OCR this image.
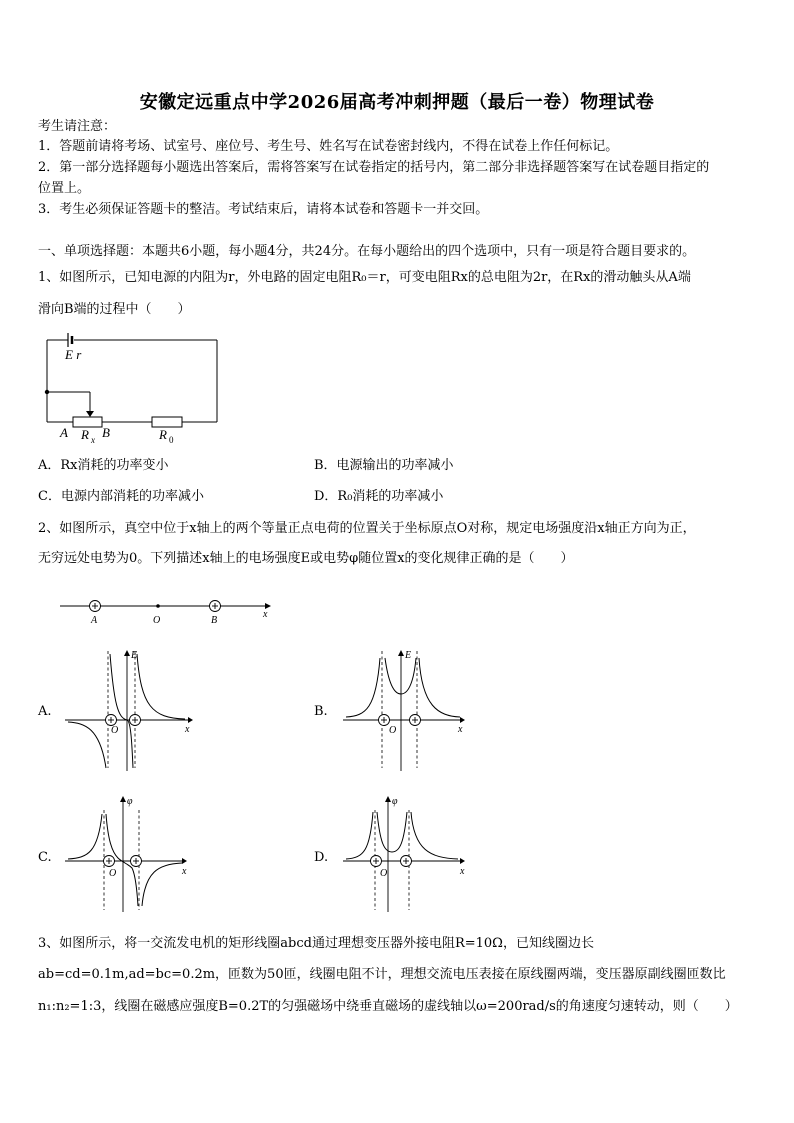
安徽定远重点中学2026届高考冲刺押题（最后一卷）物理试卷
考生请注意：
1．答题前请将考场、试室号、座位号、考生号、姓名写在试卷密封线内，不得在试卷上作任何标记。
2．第一部分选择题每小题选出答案后，需将答案写在试卷指定的括号内，第二部分非选择题答案写在试卷题目指定的
位置上。
3．考生必须保证答题卡的整洁。考试结束后，请将本试卷和答题卡一并交回。
一、单项选择题：本题共6小题，每小题4分，共24分。在每小题给出的四个选项中，只有一项是符合题目要求的。
1、如图所示，已知电源的内阻为r，外电路的固定电阻R₀＝r，可变电阻Rx的总电阻为2r，在Rx的滑动触头从A端
滑向B端的过程中（　　）
E r
A R x B	R 0
A．Rx消耗的功率变小	B．电源输出的功率减小
C．电源内部消耗的功率减小	D．R₀消耗的功率减小
2、如图所示，真空中位于x轴上的两个等量正点电荷的位置关于坐标原点O对称，规定电场强度沿x轴正方向为正，
无穷远处电势为0。下列描述x轴上的电场强度E或电势φ随位置x的变化规律正确的是（　　）
A	O	B
x
A.
E
O	x
B.
E
O	x
C.
φ
O	x
D.
φ
O	x
3、如图所示，将一交流发电机的矩形线圈abcd通过理想变压器外接电阻R=10Ω，已知线圈边长
ab=cd=0.1m,ad=bc=0.2m，匝数为50匝，线圈电阻不计，理想交流电压表接在原线圈两端，变压器原副线圈匝数比
n₁:n₂=1:3，线圈在磁感应强度B=0.2T的匀强磁场中绕垂直磁场的虚线轴以ω=200rad/s的角速度匀速转动，则（　　）
